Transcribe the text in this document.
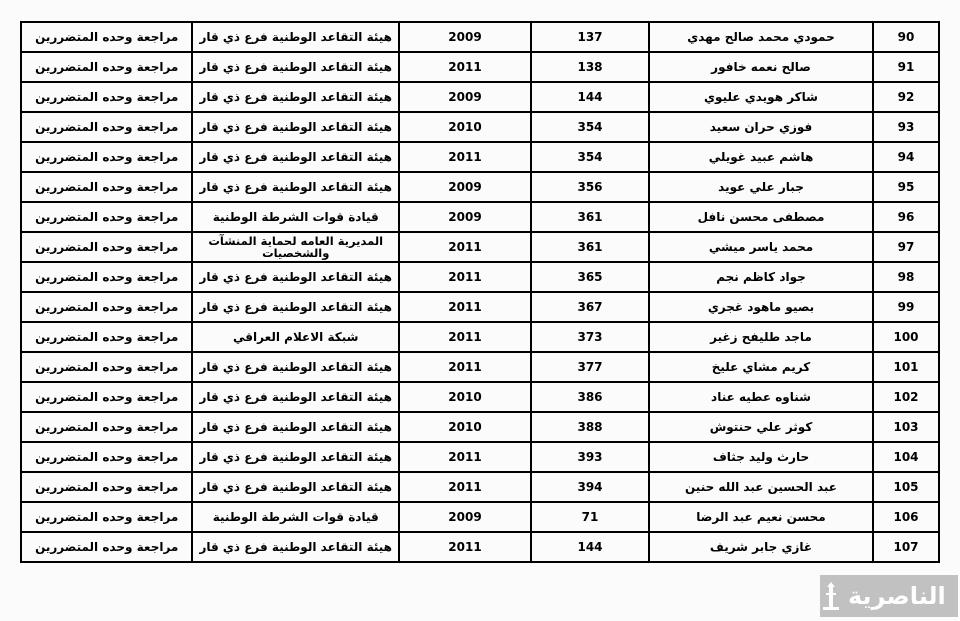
90	حمودي محمد صالح مهدي	137	2009	هيئة التقاعد الوطنية فرع ذي قار	مراجعة وحده المتضررين
91	صالح نعمه خافور	138	2011	هيئة التقاعد الوطنية فرع ذي قار	مراجعة وحده المتضررين
92	شاكر هويدي عليوي	144	2009	هيئة التقاعد الوطنية فرع ذي قار	مراجعة وحده المتضررين
93	فوزي حران سعيد	354	2010	هيئة التقاعد الوطنية فرع ذي قار	مراجعة وحده المتضررين
94	هاشم عبيد غويلي	354	2011	هيئة التقاعد الوطنية فرع ذي قار	مراجعة وحده المتضررين
95	جبار علي عويد	356	2009	هيئة التقاعد الوطنية فرع ذي قار	مراجعة وحده المتضررين
96	مصطفى محسن نافل	361	2009	قيادة قوات الشرطة الوطنية	مراجعة وحده المتضررين
97	محمد ياسر ميشي	361	2011	المديرية العامه لحماية المنشآت والشخصيات	مراجعة وحده المتضررين
98	جواد كاظم نجم	365	2011	هيئة التقاعد الوطنية فرع ذي قار	مراجعة وحده المتضررين
99	بصيو ماهود غجري	367	2011	هيئة التقاعد الوطنية فرع ذي قار	مراجعة وحده المتضررين
100	ماجد طليفح زغير	373	2011	شبكة الاعلام العراقي	مراجعة وحده المتضررين
101	كريم مشاي عليخ	377	2011	هيئة التقاعد الوطنية فرع ذي قار	مراجعة وحده المتضررين
102	شناوه عطيه عناد	386	2010	هيئة التقاعد الوطنية فرع ذي قار	مراجعة وحده المتضررين
103	كوثر علي حنتوش	388	2010	هيئة التقاعد الوطنية فرع ذي قار	مراجعة وحده المتضررين
104	حارث وليد جثاف	393	2011	هيئة التقاعد الوطنية فرع ذي قار	مراجعة وحده المتضررين
105	عبد الحسين عبد الله حنين	394	2011	هيئة التقاعد الوطنية فرع ذي قار	مراجعة وحده المتضررين
106	محسن نعيم عبد الرضا	71	2009	قيادة قوات الشرطة الوطنية	مراجعة وحده المتضررين
107	غازي جابر شريف	144	2011	هيئة التقاعد الوطنية فرع ذي قار	مراجعة وحده المتضررين
الناصرية
